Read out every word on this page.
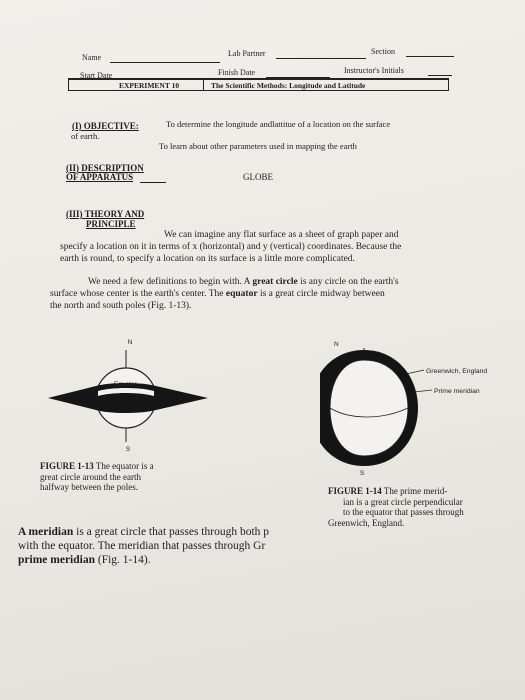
Name	Lab Partner	Section
Start Date	Finish Date	Instructor's Initials
EXPERIMENT 10	The Scientific Methods: Longitude and Latitude
(I) OBJECTIVE:	To determine the longitude andlattitue of a location on the surface
of earth.
To learn about other parameters used in mapping the earth
(II) DESCRIPTION
OF APPARATUS	GLOBE
(III) THEORY AND
PRINCIPLE
We can imagine any flat surface as a sheet of graph paper and
specify a location on it in terms of x (horizontal) and y (vertical) coordinates. Because the
earth is round, to specify a location on its surface is a little more complicated.
We need a few definitions to begin with. A great circle is any circle on the earth's
surface whose center is the earth's center. The equator is a great circle midway between
the north and south poles (Fig. 1-13).
N
Equator
S
FIGURE 1-13 The equator is a
great circle around the earth
halfway between the poles.
N
S
Greenwich, England
Prime meridian
FIGURE 1-14 The prime merid-
ian is a great circle perpendicular
to the equator that passes through
Greenwich, England.
A meridian is a great circle that passes through both p
with the equator. The meridian that passes through Gr
prime meridian (Fig. 1-14).
